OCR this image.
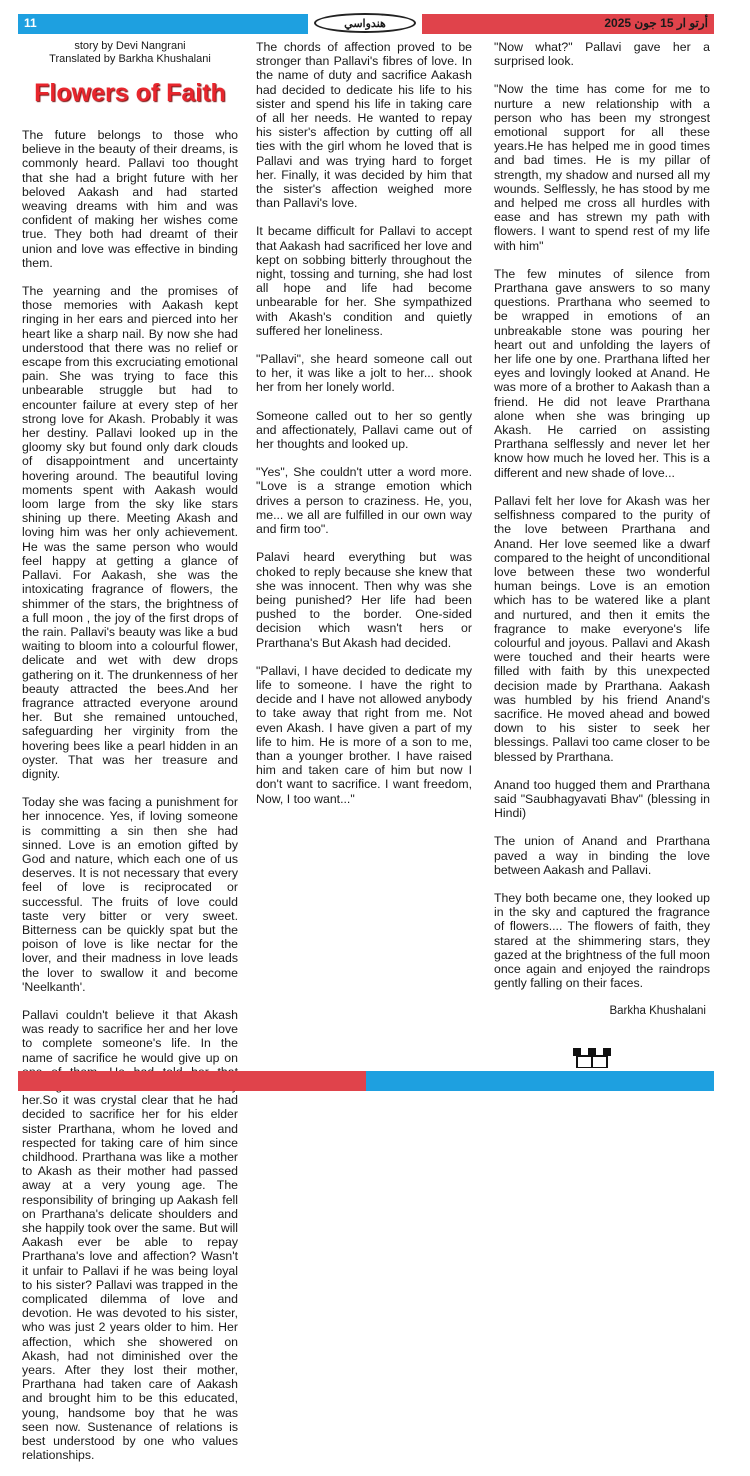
11	هندواسي	أرتو ار 15 جون 2025
story by Devi Nangrani
Translated by Barkha Khushalani
Flowers of Faith

The future belongs to those who believe in the beauty of their dreams, is commonly heard. Pallavi too thought that she had a bright future with her beloved Aakash and had started weaving dreams with him and was confident of making her wishes come true. They both had dreamt of their union and love was effective in binding them.

The yearning and the promises of those memories with Aakash kept ringing in her ears and pierced into her heart like a sharp nail. By now she had understood that there was no relief or escape from this excruciating emotional pain. She was trying to face this unbearable struggle but had to encounter failure at every step of her strong love for Akash. Probably it was her destiny. Pallavi looked up in the gloomy sky but found only dark clouds of disappointment and uncertainty hovering around. The beautiful loving moments spent with Aakash would loom large from the sky like stars shining up there. Meeting Akash and loving him was her only achievement. He was the same person who would feel happy at getting a glance of Pallavi. For Aakash, she was the intoxicating fragrance of flowers, the shimmer of the stars, the brightness of a full moon , the joy of the first drops of the rain. Pallavi's beauty was like a bud waiting to bloom into a colourful flower, delicate and wet with dew drops gathering on it. The drunkenness of her beauty attracted the bees.And her fragrance attracted everyone around her. But she remained untouched, safeguarding her virginity from the hovering bees like a pearl hidden in an oyster. That was her treasure and dignity.

Today she was facing a punishment for her innocence. Yes, if loving someone is committing a sin then she had sinned. Love is an emotion gifted by God and nature, which each one of us deserves. It is not necessary that every feel of love is reciprocated or successful. The fruits of love could taste very bitter or very sweet. Bitterness can be quickly spat but the poison of love is like nectar for the lover, and their madness in love leads the lover to swallow it and become 'Neelkanth'.

Pallavi couldn't believe it that Akash was ready to sacrifice her and her love to complete someone's life. In the name of sacrifice he would give up on her.So it was crystal clear that he had decided to sacrifice her for his elder sister Prarthana, whom he loved and respected for taking care of him since childhood. Prarthana was like a mother to Akash as their mother had passed away at a very young age. The responsibility of bringing up Aakash fell on Prarthana's delicate shoulders and she happily took over the same. But will Aakash ever be able to repay Prarthana's love and affection? Wasn't it unfair to Pallavi if he was being loyal to his sister? Pallavi was trapped in the complicated dilemma of love and devotion. He was devoted to his sister, who was just 2 years older to him. Her affection, which she showered on Akash, had not diminished over the years. After they lost their mother, Prarthana had taken care of Aakash and brought him to be this educated, young, handsome boy that he was seen now. Sustenance of relations is best understood by one who values relationships.

The chords of affection proved to be stronger than Pallavi's fibres of love. In the name of duty and sacrifice Aakash had decided to dedicate his life to his sister and spend his life in taking care of all her needs. He wanted to repay his sister's affection by cutting off all ties with the girl whom he loved that is Pallavi and was trying hard to forget her. Finally, it was decided by him that the sister's affection weighed more than Pallavi's love.

It became difficult for Pallavi to accept that Aakash had sacrificed her love and kept on sobbing bitterly throughout the night, tossing and turning, she had lost all hope and life had become unbearable for her. She sympathized with Akash's condition and quietly suffered her loneliness.

"Pallavi", she heard someone call out to her, it was like a jolt to her... shook her from her lonely world.

Someone called out to her so gently and affectionately, Pallavi came out of her thoughts and looked up.

"Yes", She couldn't utter a word more. "Love is a strange emotion which drives a person to craziness. He, you, me... we all are fulfilled in our own way and firm too".

Palavi heard everything but was choked to reply because she knew that she was innocent. Then why was she being punished? Her life had been pushed to the border. One-sided decision which wasn't hers or Prarthana's But Akash had decided.

"Pallavi, I have decided to dedicate my life to someone. I have the right to decide and I have not allowed anybody to take away that right from me. Not even Akash. I have given a part of my life to him. He is more of a son to me, than a younger brother. I have raised him and taken care of him but now I don't want to sacrifice. I want freedom, Now, I too want..."

"Now what?" Pallavi gave her a surprised look.

"Now the time has come for me to nurture a new relationship with a person who has been my strongest emotional support for all these years.He has helped me in good times and bad times. He is my pillar of strength, my shadow and nursed all my wounds. Selflessly, he has stood by me and helped me cross all hurdles with ease and has strewn my path with flowers. I want to spend rest of my life with him"

The few minutes of silence from Prarthana gave answers to so many questions. Prarthana who seemed to be wrapped in emotions of an unbreakable stone was pouring her heart out and unfolding the layers of her life one by one. Prarthana lifted her eyes and lovingly looked at Anand. He was more of a brother to Aakash than a friend. He did not leave Prarthana alone when she was bringing up Akash. He carried on assisting Prarthana selflessly and never let her know how much he loved her. This is a different and new shade of love...

Pallavi felt her love for Akash was her selfishness compared to the purity of the love between Prarthana and Anand. Her love seemed like a dwarf compared to the height of unconditional love between these two wonderful human beings. Love is an emotion which has to be watered like a plant and nurtured, and then it emits the fragrance to make everyone's life colourful and joyous. Pallavi and Akash were touched and their hearts were filled with faith by this unexpected decision made by Prarthana. Aakash was humbled by his friend Anand's sacrifice. He moved ahead and bowed down to his sister to seek her blessings. Pallavi too came closer to be blessed by Prarthana.

Anand too hugged them and Prarthana said "Saubhagyavati Bhav" (blessing in Hindi)

The union of Anand and Prarthana paved a way in binding the love between Aakash and Pallavi.

They both became one, they looked up in the sky and captured the fragrance of flowers.... The flowers of faith, they stared at the shimmering stars, they gazed at the brightness of the full moon once again and enjoyed the raindrops gently falling on their faces.

Barkha Khushalani
